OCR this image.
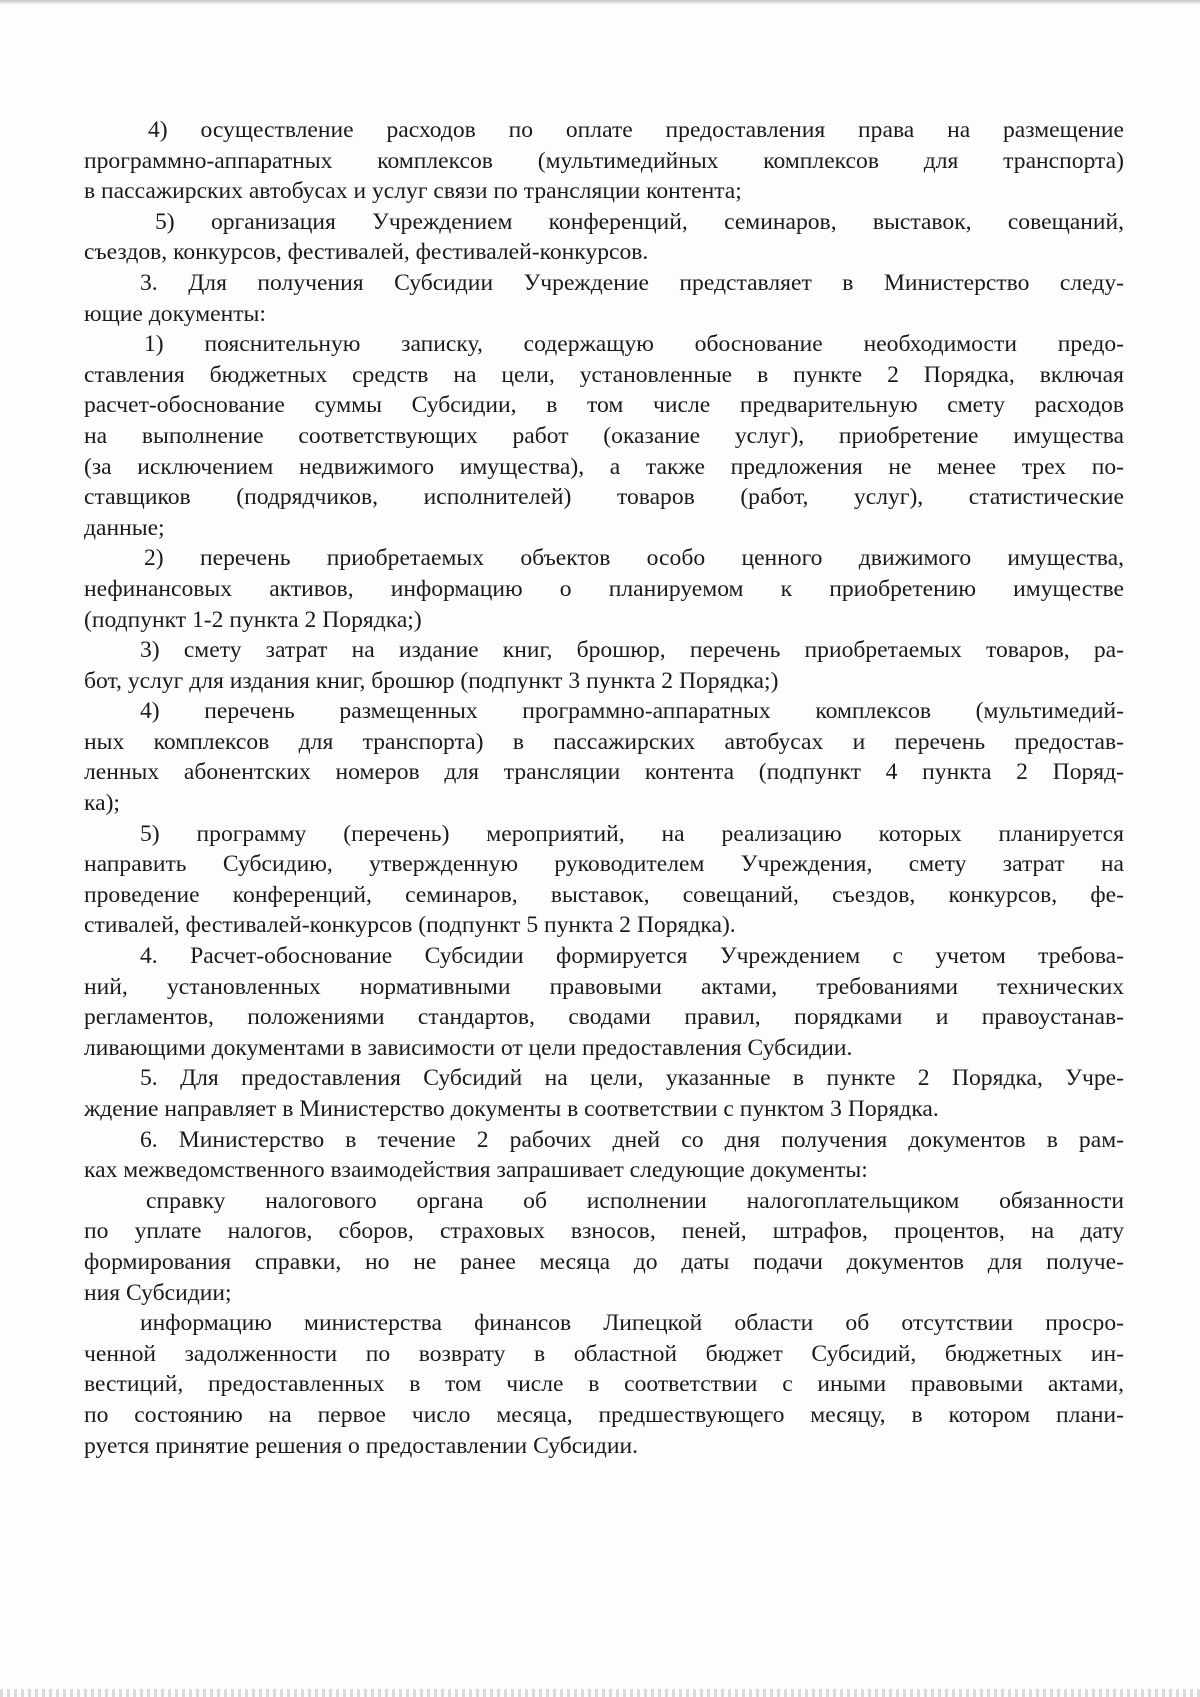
4) осуществление расходов по оплате предоставления права на размещение
программно-аппаратных комплексов (мультимедийных комплексов для транспорта)
в пассажирских автобусах и услуг связи по трансляции контента;

5) организация Учреждением конференций, семинаров, выставок, совещаний,
съездов, конкурсов, фестивалей, фестивалей-конкурсов.

3. Для получения Субсидии Учреждение представляет в Министерство следу-
ющие документы:

1) пояснительную записку, содержащую обоснование необходимости предо-
ставления бюджетных средств на цели, установленные в пункте 2 Порядка, включая
расчет-обоснование суммы Субсидии, в том числе предварительную смету расходов
на выполнение соответствующих работ (оказание услуг), приобретение имущества
(за исключением недвижимого имущества), а также предложения не менее трех по-
ставщиков (подрядчиков, исполнителей) товаров (работ, услуг), статистические
данные;

2) перечень приобретаемых объектов особо ценного движимого имущества,
нефинансовых активов, информацию о планируемом к приобретению имуществе
(подпункт 1-2 пункта 2 Порядка;)

3) смету затрат на издание книг, брошюр, перечень приобретаемых товаров, ра-
бот, услуг для издания книг, брошюр (подпункт 3 пункта 2 Порядка;)

4) перечень размещенных программно-аппаратных комплексов (мультимедий-
ных комплексов для транспорта) в пассажирских автобусах и перечень предостав-
ленных абонентских номеров для трансляции контента (подпункт 4 пункта 2 Поряд-
ка);

5) программу (перечень) мероприятий, на реализацию которых планируется
направить Субсидию, утвержденную руководителем Учреждения, смету затрат на
проведение конференций, семинаров, выставок, совещаний, съездов, конкурсов, фе-
стивалей, фестивалей-конкурсов (подпункт 5 пункта 2 Порядка).

4. Расчет-обоснование Субсидии формируется Учреждением с учетом требова-
ний, установленных нормативными правовыми актами, требованиями технических
регламентов, положениями стандартов, сводами правил, порядками и правоустанав-
ливающими документами в зависимости от цели предоставления Субсидии.

5. Для предоставления Субсидий на цели, указанные в пункте 2 Порядка, Учре-
ждение направляет в Министерство документы в соответствии с пунктом 3 Порядка.

6. Министерство в течение 2 рабочих дней со дня получения документов в рам-
ках межведомственного взаимодействия запрашивает следующие документы:

справку налогового органа об исполнении налогоплательщиком обязанности
по уплате налогов, сборов, страховых взносов, пеней, штрафов, процентов, на дату
формирования справки, но не ранее месяца до даты подачи документов для получе-
ния Субсидии;

информацию министерства финансов Липецкой области об отсутствии просро-
ченной задолженности по возврату в областной бюджет Субсидий, бюджетных ин-
вестиций, предоставленных в том числе в соответствии с иными правовыми актами,
по состоянию на первое число месяца, предшествующего месяцу, в котором плани-
руется принятие решения о предоставлении Субсидии.
